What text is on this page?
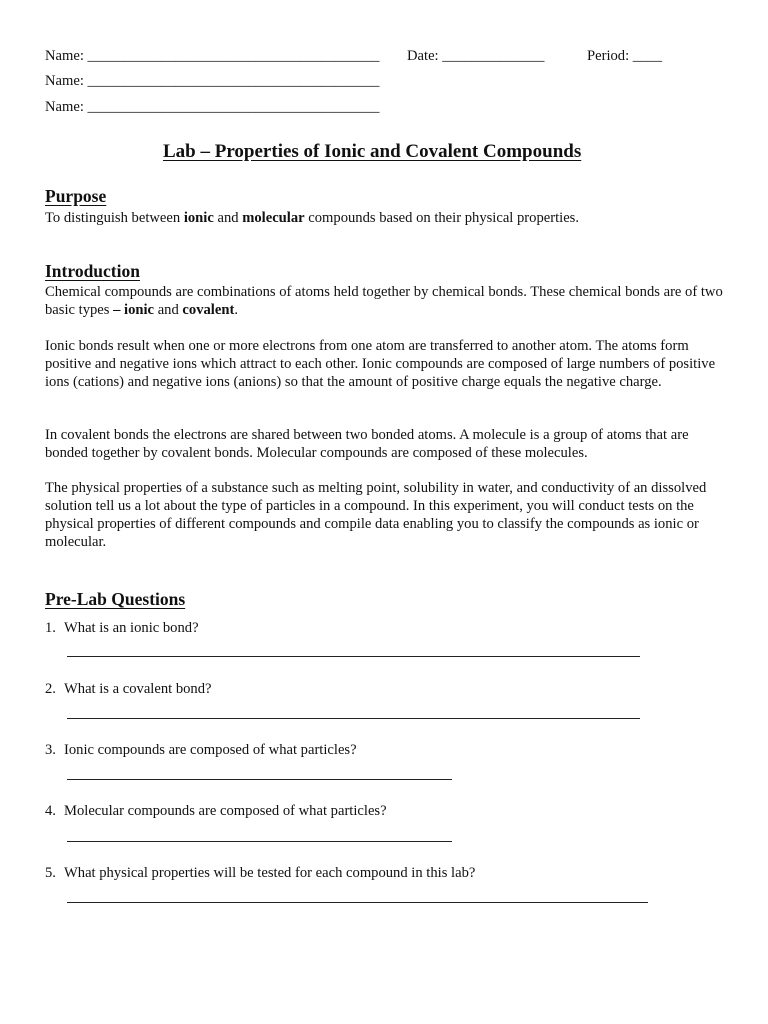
Name: ________________________________________ Date: ______________	Period: ____
Name: ________________________________________
Name: ________________________________________
Lab – Properties of Ionic and Covalent Compounds
Purpose

To distinguish between ionic and molecular compounds based on their physical properties.

Introduction

Chemical compounds are combinations of atoms held together by chemical bonds. These chemical bonds are of two basic types – ionic and covalent.

Ionic bonds result when one or more electrons from one atom are transferred to another atom. The atoms form positive and negative ions which attract to each other. Ionic compounds are composed of large numbers of positive ions (cations) and negative ions (anions) so that the amount of positive charge equals the negative charge.
In covalent bonds the electrons are shared between two bonded atoms. A molecule is a group of atoms that are bonded together by covalent bonds. Molecular compounds are composed of these molecules.
The physical properties of a substance such as melting point, solubility in water, and conductivity of an dissolved solution tell us a lot about the type of particles in a compound. In this experiment, you will conduct tests on the physical properties of different compounds and compile data enabling you to classify the compounds as ionic or molecular.
Pre-Lab Questions
1. What is an ionic bond?
2. What is a covalent bond?
3. Ionic compounds are composed of what particles?
4. Molecular compounds are composed of what particles?
5. What physical properties will be tested for each compound in this lab?
